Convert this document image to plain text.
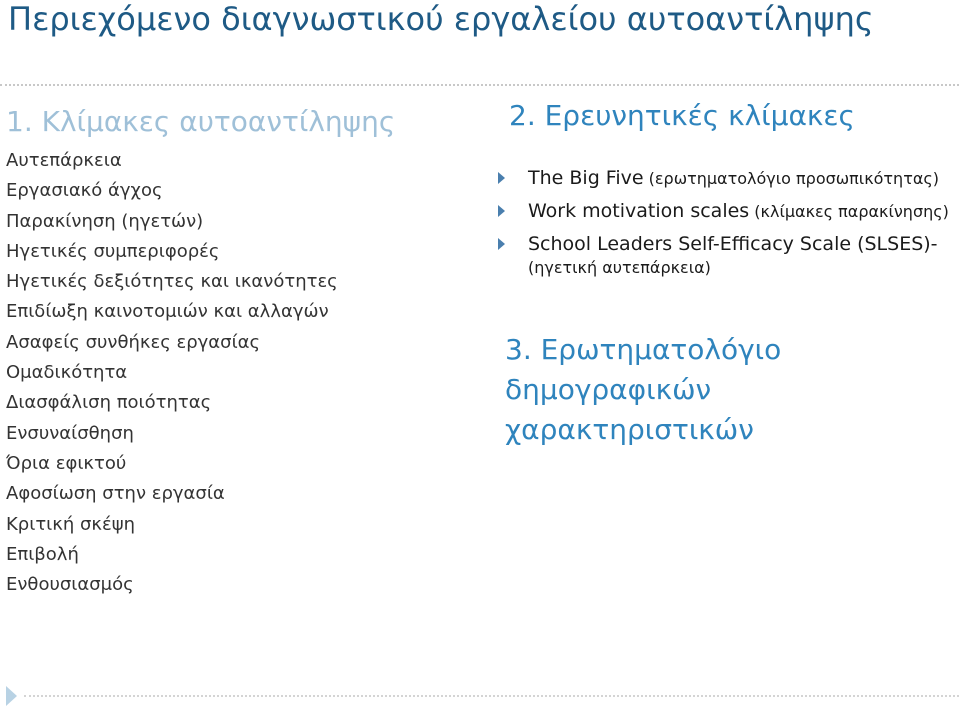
Περιεχόμενο διαγνωστικού εργαλείου αυτοαντίληψης
1. Κλίμακες αυτοαντίληψης
Αυτεπάρκεια
Εργασιακό άγχος
Παρακίνηση (ηγετών)
Ηγετικές συμπεριφορές
Ηγετικές δεξιότητες και ικανότητες
Επιδίωξη καινοτομιών και αλλαγών
Ασαφείς συνθήκες εργασίας
Ομαδικότητα
Διασφάλιση ποιότητας
Ενσυναίσθηση
Όρια εφικτού
Αφοσίωση στην εργασία
Κριτική σκέψη
Επιβολή
Ενθουσιασμός
2. Ερευνητικές κλίμακες
The Big Five (ερωτηματολόγιο προσωπικότητας)
Work motivation scales (κλίμακες παρακίνησης)
School Leaders Self-Efficacy Scale (SLSES)- (ηγετική αυτεπάρκεια)
3. Ερωτηματολόγιο δημογραφικών χαρακτηριστικών
